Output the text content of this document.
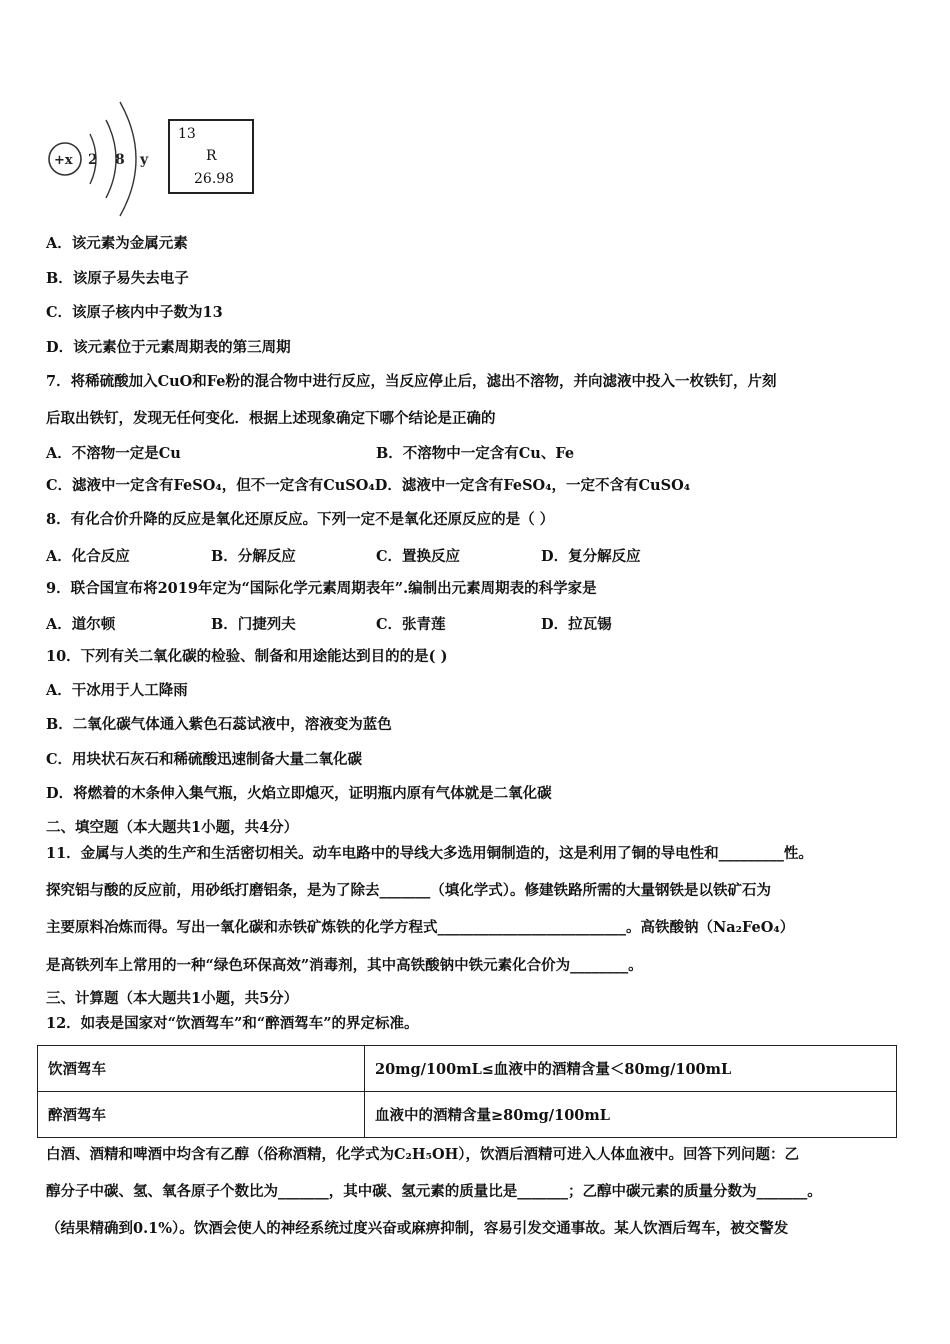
+x 2 8 y
13
R
26.98
A．该元素为金属元素
B．该原子易失去电子
C．该原子核内中子数为13
D．该元素位于元素周期表的第三周期
7．将稀硫酸加入CuO和Fe粉的混合物中进行反应，当反应停止后，滤出不溶物，并向滤液中投入一枚铁钉，片刻
后取出铁钉，发现无任何变化．根据上述现象确定下哪个结论是正确的
A．不溶物一定是Cu	B．不溶物中一定含有Cu、Fe
C．滤液中一定含有FeSO₄，但不一定含有CuSO₄D．滤液中一定含有FeSO₄，一定不含有CuSO₄
8．有化合价升降的反应是氧化还原反应。下列一定不是氧化还原反应的是（ ）
A．化合反应	B．分解反应	C．置换反应	D．复分解反应
9．联合国宣布将2019年定为“国际化学元素周期表年”.编制出元素周期表的科学家是
A．道尔顿	B．门捷列夫	C．张青莲	D．拉瓦锡
10．下列有关二氧化碳的检验、制备和用途能达到目的的是( )
A．干冰用于人工降雨
B．二氧化碳气体通入紫色石蕊试液中，溶液变为蓝色
C．用块状石灰石和稀硫酸迅速制备大量二氧化碳
D．将燃着的木条伸入集气瓶，火焰立即熄灭，证明瓶内原有气体就是二氧化碳
二、填空题（本大题共1小题，共4分）
11．金属与人类的生产和生活密切相关。动车电路中的导线大多选用铜制造的，这是利用了铜的导电性和_________性。
探究铝与酸的反应前，用砂纸打磨铝条，是为了除去_______（填化学式）。修建铁路所需的大量钢铁是以铁矿石为
主要原料冶炼而得。写出一氧化碳和赤铁矿炼铁的化学方程式__________________________。高铁酸钠（Na₂FeO₄）
是高铁列车上常用的一种“绿色环保高效”消毒剂，其中高铁酸钠中铁元素化合价为________。
三、计算题（本大题共1小题，共5分）
12．如表是国家对“饮酒驾车”和“醉酒驾车”的界定标准。
饮酒驾车	20mg/100mL≤血液中的酒精含量＜80mg/100mL
醉酒驾车	血液中的酒精含量≥80mg/100mL
白酒、酒精和啤酒中均含有乙醇（俗称酒精，化学式为C₂H₅OH），饮酒后酒精可进入人体血液中。回答下列问题：乙
醇分子中碳、氢、氧各原子个数比为_______，其中碳、氢元素的质量比是_______；乙醇中碳元素的质量分数为_______。
（结果精确到0.1%）。饮酒会使人的神经系统过度兴奋或麻痹抑制，容易引发交通事故。某人饮酒后驾车，被交警发
